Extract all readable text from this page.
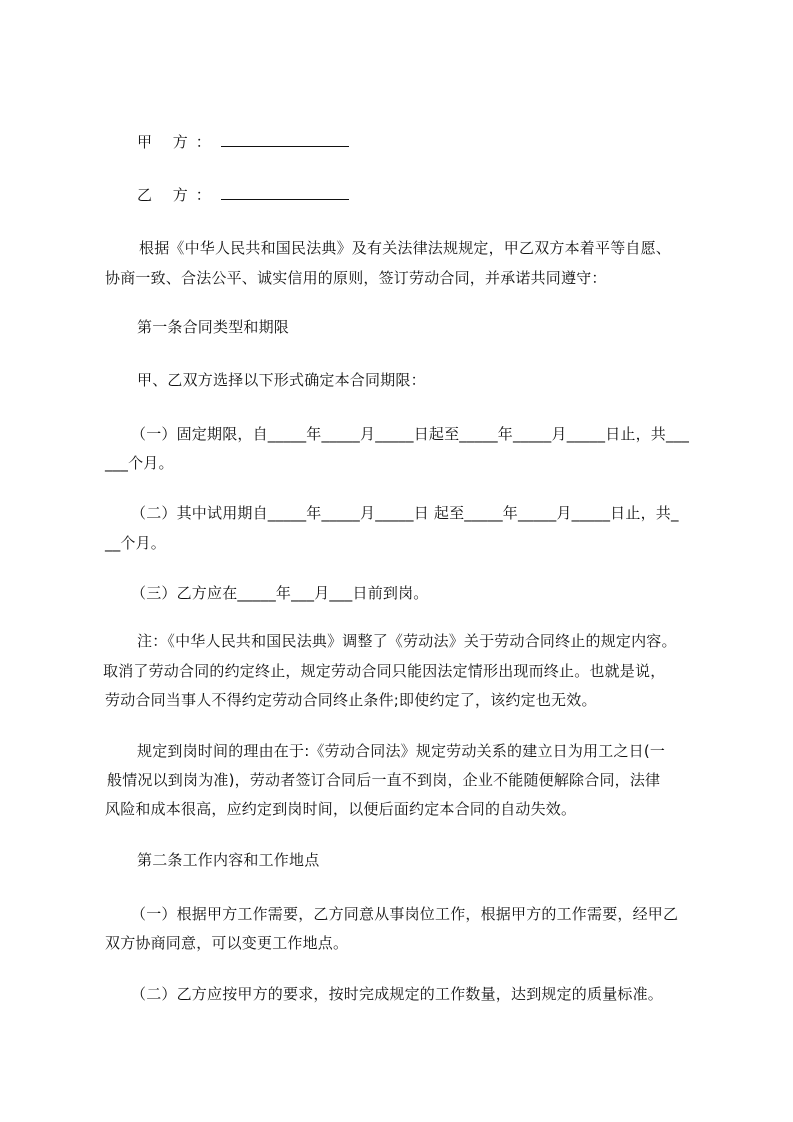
甲 方：
乙 方：
根据《中华人民共和国民法典》及有关法律法规规定，甲乙双方本着平等自愿、
协商一致、合法公平、诚实信用的原则，签订劳动合同，并承诺共同遵守：
第一条合同类型和期限
甲、乙双方选择以下形式确定本合同期限：
（一）固定期限，自_____年_____月_____日起至_____年_____月_____日止，共___
___个月。
（二）其中试用期自_____年_____月_____日 起至_____年_____月_____日止，共_
__个月。
（三）乙方应在_____年___月___日前到岗。
注：《中华人民共和国民法典》调整了《劳动法》关于劳动合同终止的规定内容。
取消了劳动合同的约定终止，规定劳动合同只能因法定情形出现而终止。也就是说，
劳动合同当事人不得约定劳动合同终止条件;即使约定了，该约定也无效。
规定到岗时间的理由在于:《劳动合同法》规定劳动关系的建立日为用工之日(一
般情况以到岗为准)，劳动者签订合同后一直不到岗，企业不能随便解除合同，法律
风险和成本很高，应约定到岗时间，以便后面约定本合同的自动失效。
第二条工作内容和工作地点
（一）根据甲方工作需要，乙方同意从事岗位工作，根据甲方的工作需要，经甲乙
双方协商同意，可以变更工作地点。
（二）乙方应按甲方的要求，按时完成规定的工作数量，达到规定的质量标准。
